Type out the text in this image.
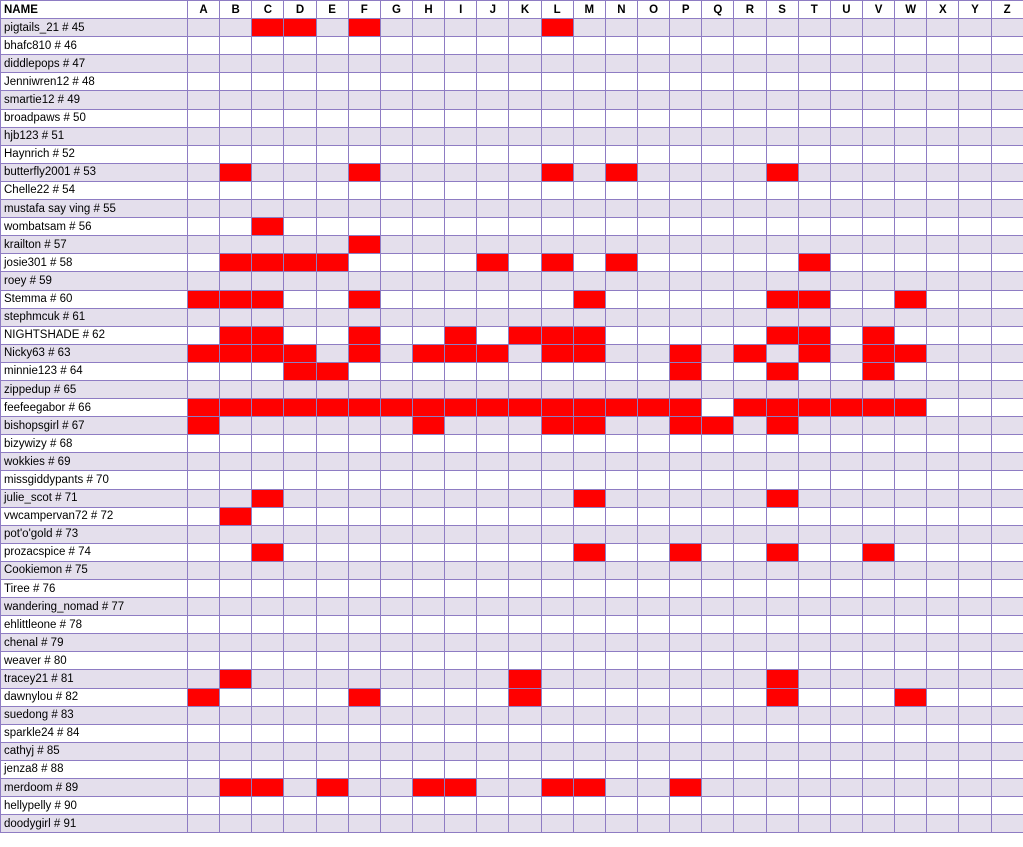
NAME	A	B	C	D	E	F	G	H	I	J	K	L	M	N	O	P	Q	R	S	T	U	V	W	X	Y	Z
pigtails_21 # 45																										
bhafc810 # 46																										
diddlepops # 47																										
Jenniwren12 # 48																										
smartie12 # 49																										
broadpaws # 50																										
hjb123 # 51																										
Haynrich # 52																										
butterfly2001 # 53																										
Chelle22 # 54																										
mustafa say ving # 55																										
wombatsam # 56																										
krailton # 57																										
josie301 # 58																										
roey # 59																										
Stemma # 60																										
stephmcuk # 61																										
NIGHTSHADE # 62																										
Nicky63 # 63																										
minnie123 # 64																										
zippedup # 65																										
feefeegabor # 66																										
bishopsgirl # 67																										
bizywizy # 68																										
wokkies # 69																										
missgiddypants # 70																										
julie_scot # 71																										
vwcampervan72 # 72																										
pot'o'gold # 73																										
prozacspice # 74																										
Cookiemon # 75																										
Tiree # 76																										
wandering_nomad # 77																										
ehlittleone # 78																										
chenal # 79																										
weaver # 80																										
tracey21 # 81																										
dawnylou # 82																										
suedong # 83																										
sparkle24 # 84																										
cathyj # 85																										
jenza8 # 88																										
merdoom # 89																										
hellypelly # 90																										
doodygirl # 91																										
